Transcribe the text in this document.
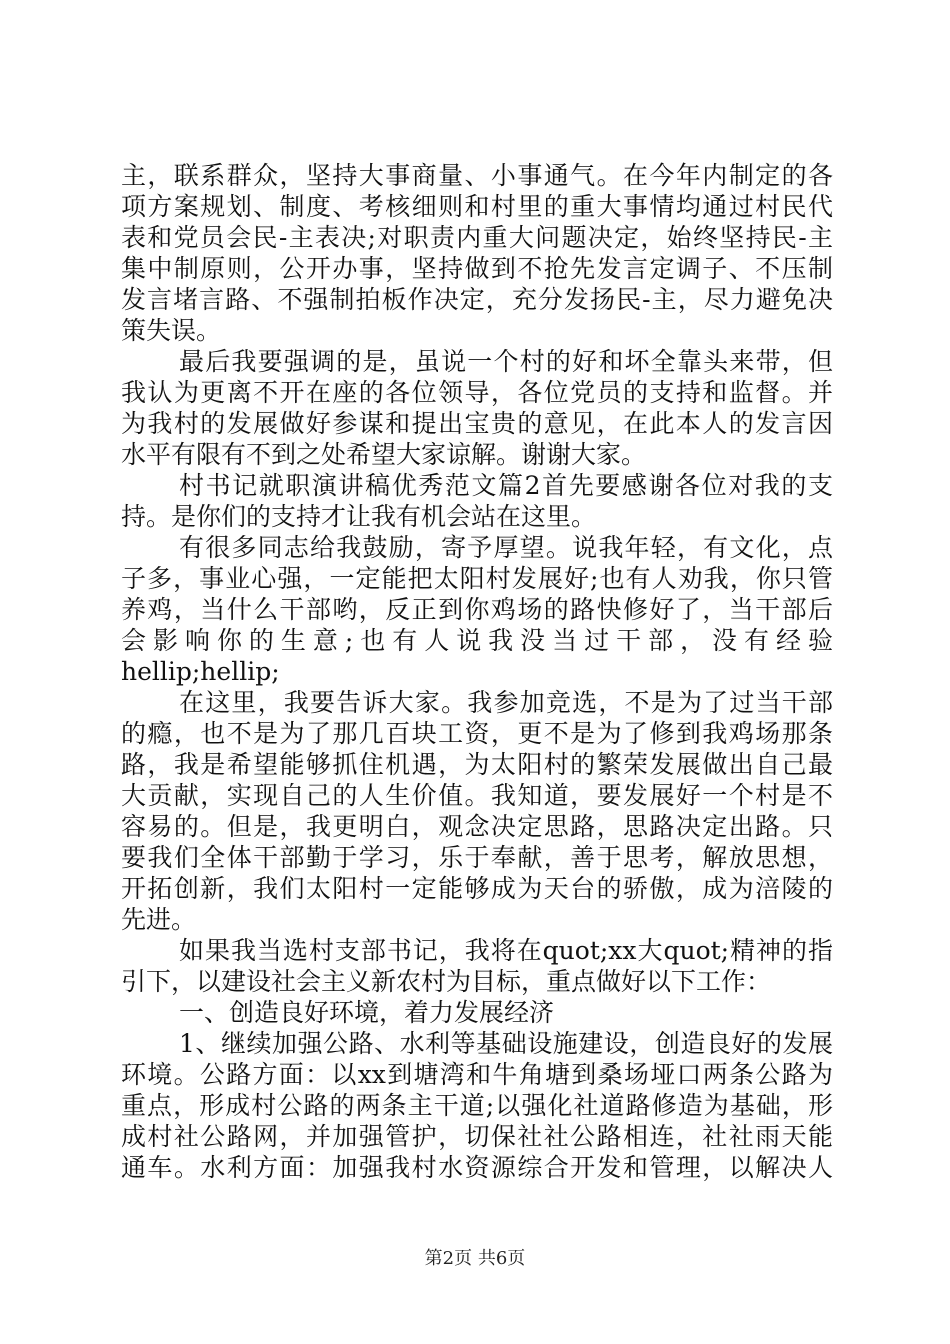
主，联系群众，坚持大事商量、小事通气。在今年内制定的各
项方案规划、制度、考核细则和村里的重大事情均通过村民代
表和党员会民-主表决;对职责内重大问题决定，始终坚持民-主
集中制原则，公开办事，坚持做到不抢先发言定调子、不压制
发言堵言路、不强制拍板作决定，充分发扬民-主，尽力避免决
策失误。
最后我要强调的是，虽说一个村的好和坏全靠头来带，但
我认为更离不开在座的各位领导，各位党员的支持和监督。并
为我村的发展做好参谋和提出宝贵的意见，在此本人的发言因
水平有限有不到之处希望大家谅解。谢谢大家。
村书记就职演讲稿优秀范文篇2首先要感谢各位对我的支
持。是你们的支持才让我有机会站在这里。
有很多同志给我鼓励，寄予厚望。说我年轻，有文化，点
子多，事业心强，一定能把太阳村发展好;也有人劝我，你只管
养鸡，当什么干部哟，反正到你鸡场的路快修好了，当干部后
会影响你的生意;也有人说我没当过干部，没有经验
hellip;hellip;
在这里，我要告诉大家。我参加竞选，不是为了过当干部
的瘾，也不是为了那几百块工资，更不是为了修到我鸡场那条
路，我是希望能够抓住机遇，为太阳村的繁荣发展做出自己最
大贡献，实现自己的人生价值。我知道，要发展好一个村是不
容易的。但是，我更明白，观念决定思路，思路决定出路。只
要我们全体干部勤于学习，乐于奉献，善于思考，解放思想，
开拓创新，我们太阳村一定能够成为天台的骄傲，成为涪陵的
先进。
如果我当选村支部书记，我将在quot;xx大quot;精神的指
引下，以建设社会主义新农村为目标，重点做好以下工作：
一、创造良好环境，着力发展经济
1、继续加强公路、水利等基础设施建设，创造良好的发展
环境。公路方面：以xx到塘湾和牛角塘到桑场垭口两条公路为
重点，形成村公路的两条主干道;以强化社道路修造为基础，形
成村社公路网，并加强管护，切保社社公路相连，社社雨天能
通车。水利方面：加强我村水资源综合开发和管理，以解决人
第2页 共6页
